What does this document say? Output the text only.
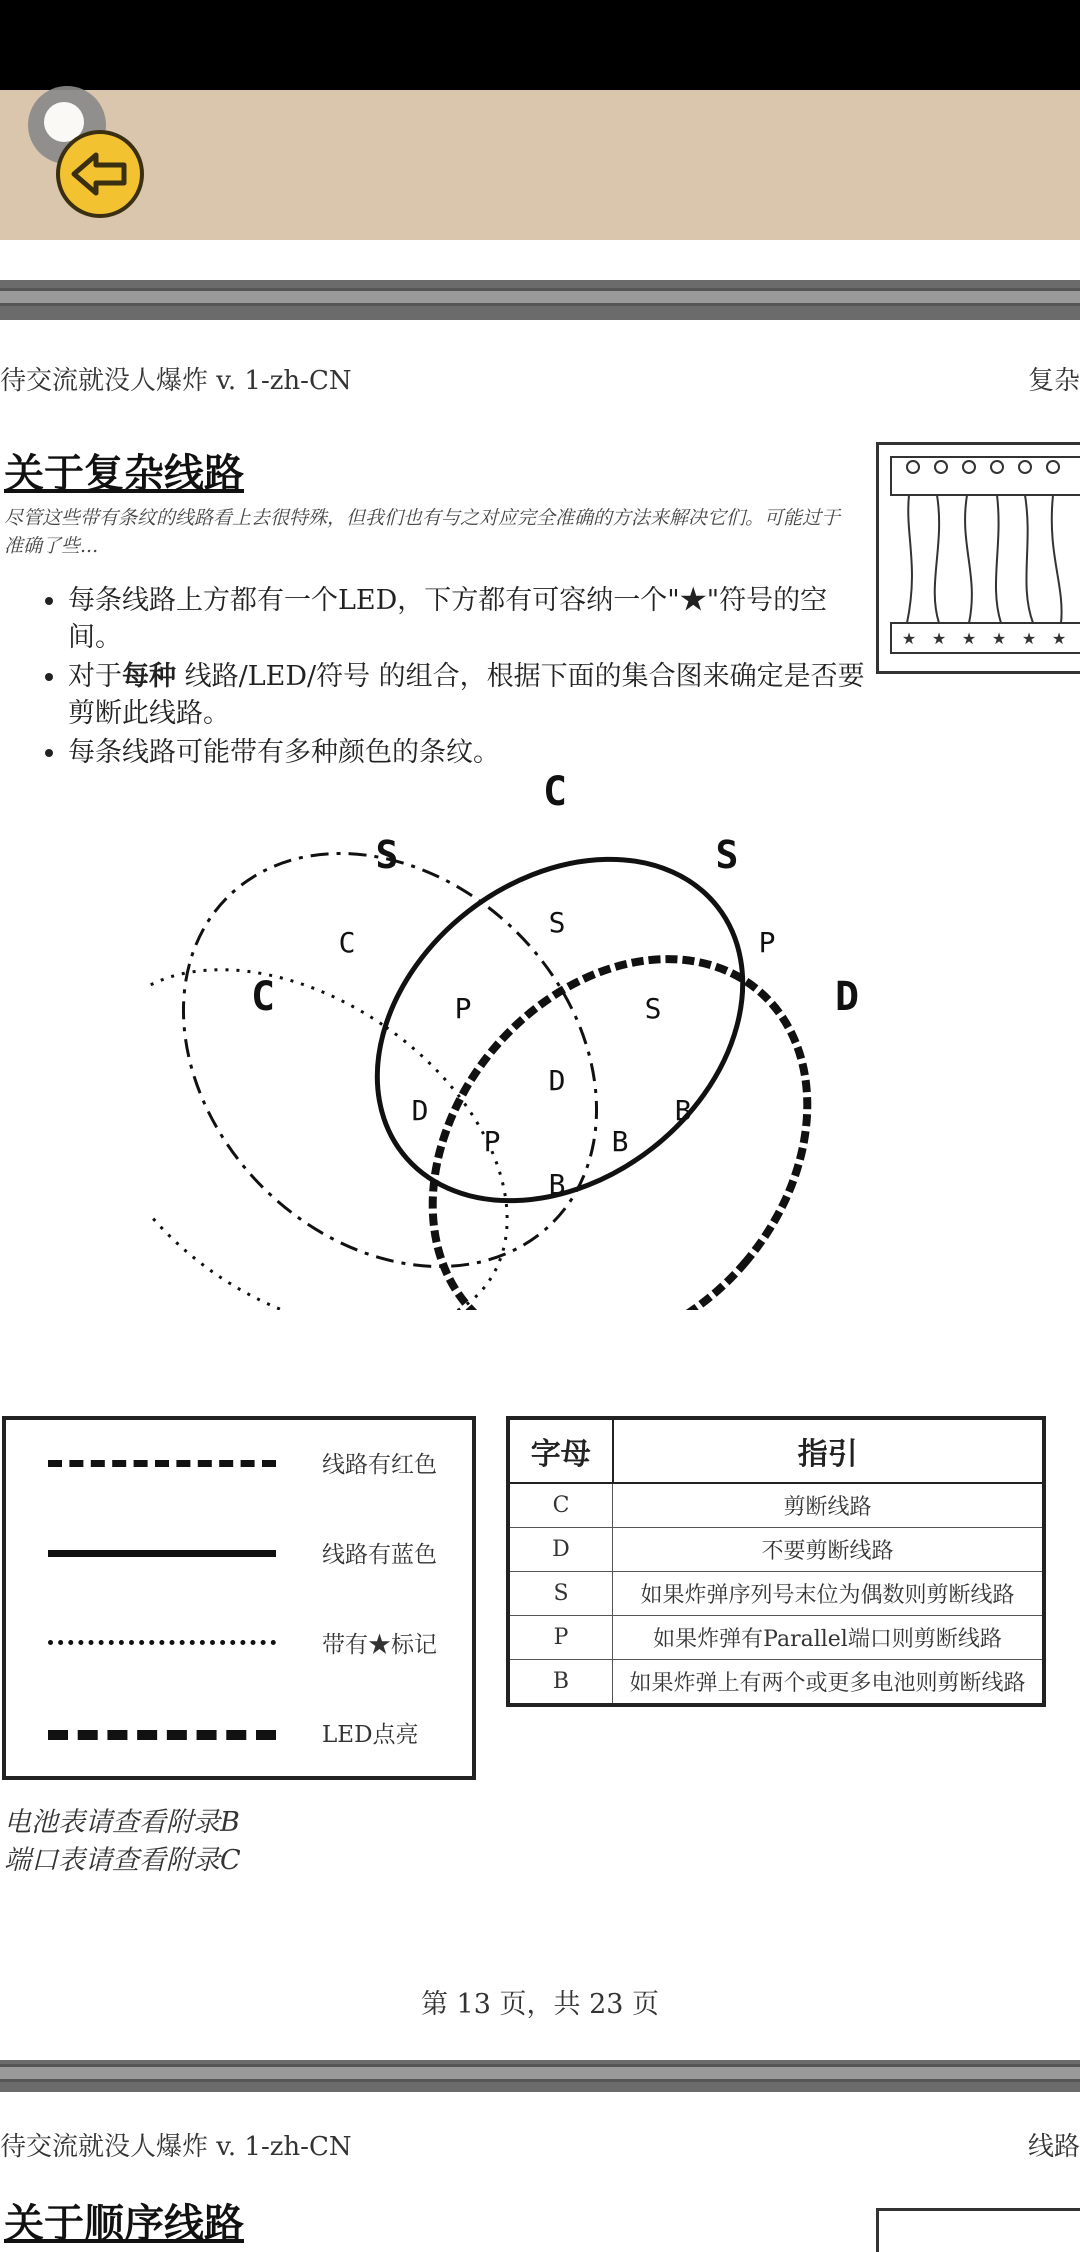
待交流就没人爆炸 v. 1-zh-CN	复杂
关于复杂线路
尽管这些带有条纹的线路看上去很特殊，但我们也有与之对应完全准确的方法来解决它们。可能过于准确了些...
★ ★ ★ ★ ★ ★
• 每条线路上方都有一个LED，下方都有可容纳一个"★"符号的空间。
• 对于每种 线路/LED/符号 的组合，根据下面的集合图来确定是否要剪断此线路。
• 每条线路可能带有多种颜色的条纹。
C
S	S
C	D
C
S
P
P	S
D
D	B
P	B
B
线路有红色
线路有蓝色
带有★标记
LED点亮
字母	指引
C	剪断线路
D	不要剪断线路
S	如果炸弹序列号末位为偶数则剪断线路
P	如果炸弹有Parallel端口则剪断线路
B	如果炸弹上有两个或更多电池则剪断线路
电池表请查看附录B
端口表请查看附录C
第 13 页，共 23 页
待交流就没人爆炸 v. 1-zh-CN	线路
关于顺序线路
